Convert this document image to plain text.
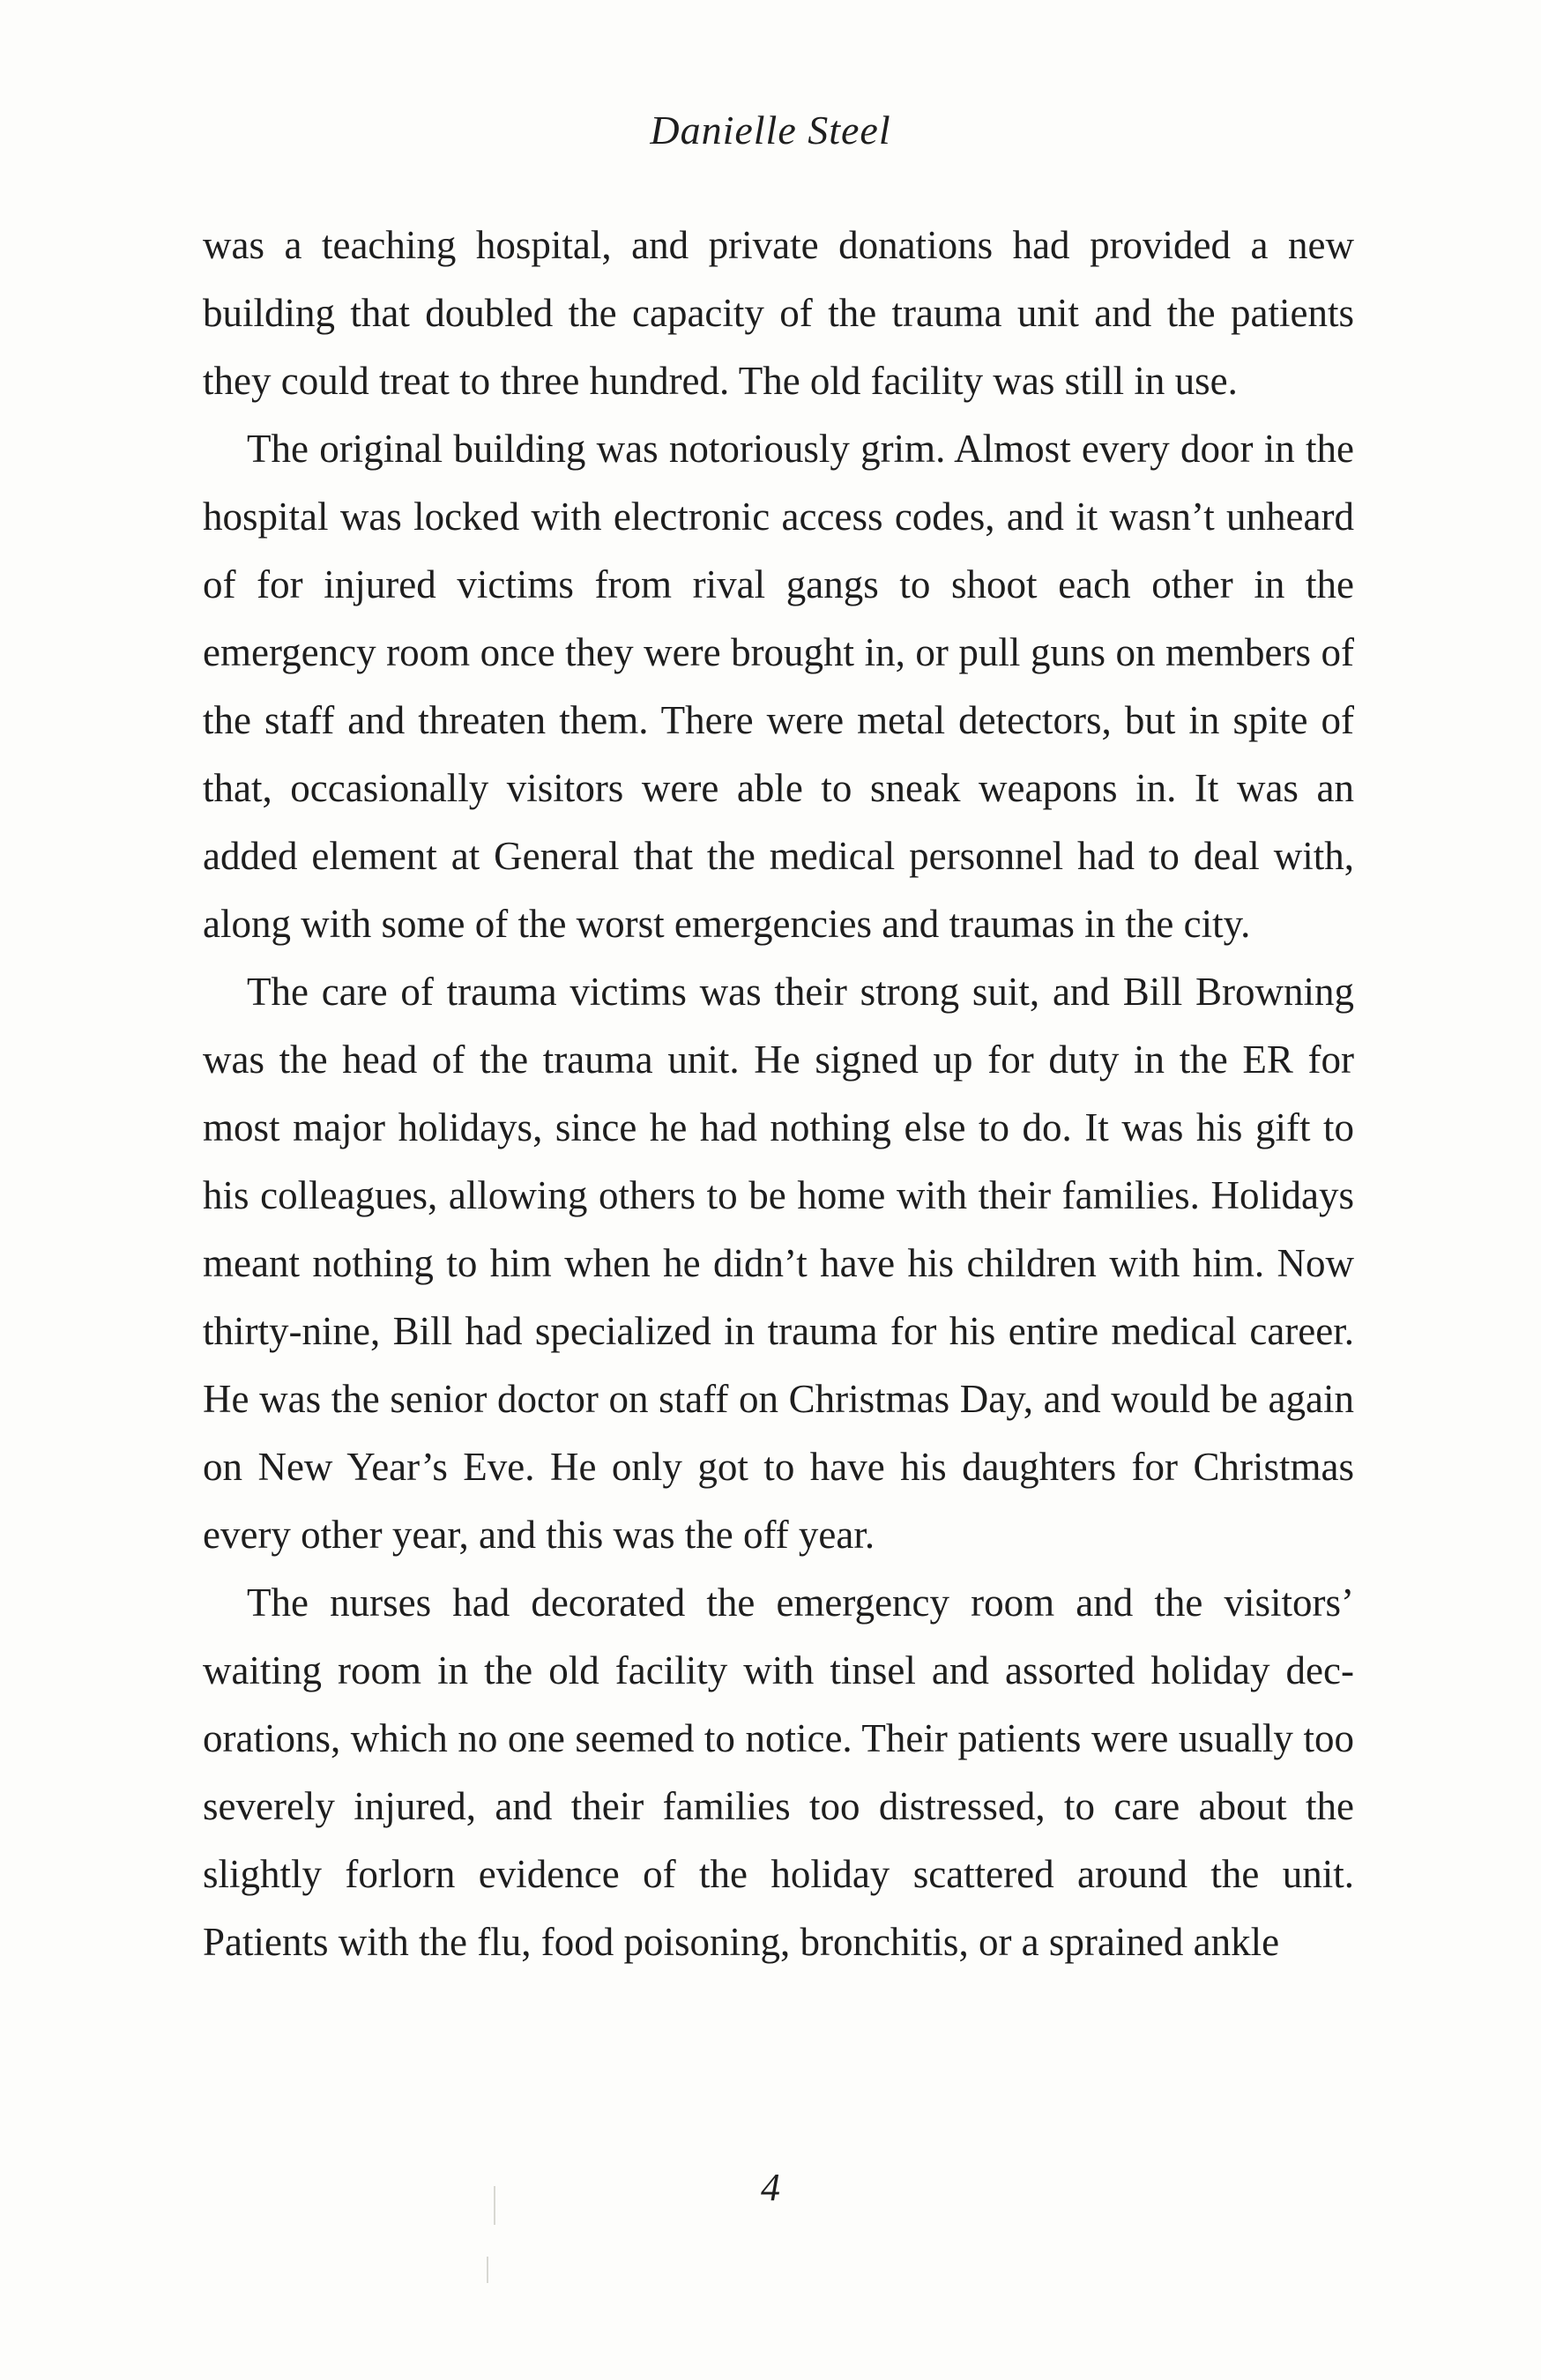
Danielle Steel

was a teaching hospital, and private donations had provided a new building that doubled the capacity of the trauma unit and the patients they could treat to three hundred. The old facility was still in use.

The original building was notoriously grim. Almost every door in the hospital was locked with electronic access codes, and it wasn’t unheard of for injured victims from rival gangs to shoot each other in the emergency room once they were brought in, or pull guns on members of the staff and threaten them. There were metal detectors, but in spite of that, occasionally visitors were able to sneak weapons in. It was an added element at General that the medical personnel had to deal with, along with some of the worst emergencies and traumas in the city.

The care of trauma victims was their strong suit, and Bill Browning was the head of the trauma unit. He signed up for duty in the ER for most major holidays, since he had nothing else to do. It was his gift to his colleagues, allowing others to be home with their families. Holidays meant nothing to him when he didn’t have his children with him. Now thirty-nine, Bill had specialized in trauma for his entire medical career. He was the senior doctor on staff on Christmas Day, and would be again on New Year’s Eve. He only got to have his daughters for Christmas every other year, and this was the off year.

The nurses had decorated the emergency room and the visitors’ waiting room in the old facility with tinsel and assorted holiday decorations, which no one seemed to notice. Their patients were usually too severely injured, and their families too distressed, to care about the slightly forlorn evidence of the holiday scattered around the unit. Patients with the flu, food poisoning, bronchitis, or a sprained ankle

4
